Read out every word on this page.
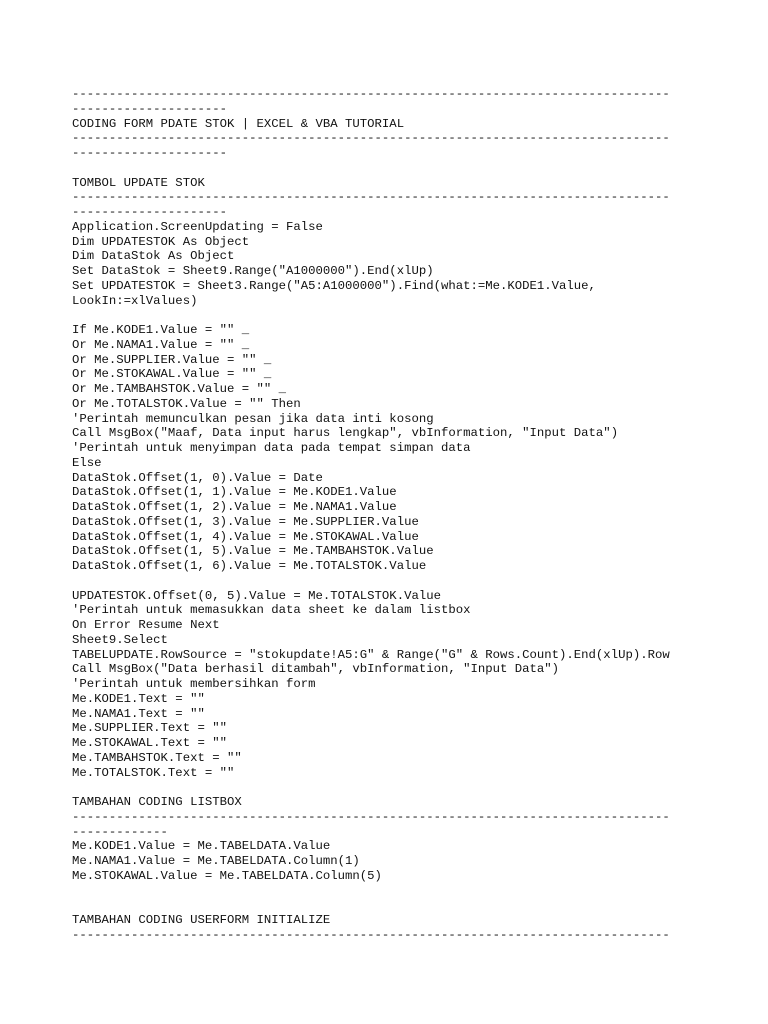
---------------------------------------------------------------------------------
---------------------
CODING FORM PDATE STOK | EXCEL & VBA TUTORIAL
---------------------------------------------------------------------------------
---------------------
TOMBOL UPDATE STOK
---------------------------------------------------------------------------------
---------------------
Application.ScreenUpdating = False
Dim UPDATESTOK As Object
Dim DataStok As Object
Set DataStok = Sheet9.Range("A1000000").End(xlUp)
Set UPDATESTOK = Sheet3.Range("A5:A1000000").Find(what:=Me.KODE1.Value,
LookIn:=xlValues)
If Me.KODE1.Value = "" _
Or Me.NAMA1.Value = "" _
Or Me.SUPPLIER.Value = "" _
Or Me.STOKAWAL.Value = "" _
Or Me.TAMBAHSTOK.Value = "" _
Or Me.TOTALSTOK.Value = "" Then
'Perintah memunculkan pesan jika data inti kosong
Call MsgBox("Maaf, Data input harus lengkap", vbInformation, "Input Data")
'Perintah untuk menyimpan data pada tempat simpan data
Else
DataStok.Offset(1, 0).Value = Date
DataStok.Offset(1, 1).Value = Me.KODE1.Value
DataStok.Offset(1, 2).Value = Me.NAMA1.Value
DataStok.Offset(1, 3).Value = Me.SUPPLIER.Value
DataStok.Offset(1, 4).Value = Me.STOKAWAL.Value
DataStok.Offset(1, 5).Value = Me.TAMBAHSTOK.Value
DataStok.Offset(1, 6).Value = Me.TOTALSTOK.Value
UPDATESTOK.Offset(0, 5).Value = Me.TOTALSTOK.Value
'Perintah untuk memasukkan data sheet ke dalam listbox
On Error Resume Next
Sheet9.Select
TABELUPDATE.RowSource = "stokupdate!A5:G" & Range("G" & Rows.Count).End(xlUp).Row
Call MsgBox("Data berhasil ditambah", vbInformation, "Input Data")
'Perintah untuk membersihkan form
Me.KODE1.Text = ""
Me.NAMA1.Text = ""
Me.SUPPLIER.Text = ""
Me.STOKAWAL.Text = ""
Me.TAMBAHSTOK.Text = ""
Me.TOTALSTOK.Text = ""
TAMBAHAN CODING LISTBOX
---------------------------------------------------------------------------------
-------------
Me.KODE1.Value = Me.TABELDATA.Value
Me.NAMA1.Value = Me.TABELDATA.Column(1)
Me.STOKAWAL.Value = Me.TABELDATA.Column(5)
TAMBAHAN CODING USERFORM INITIALIZE
---------------------------------------------------------------------------------
